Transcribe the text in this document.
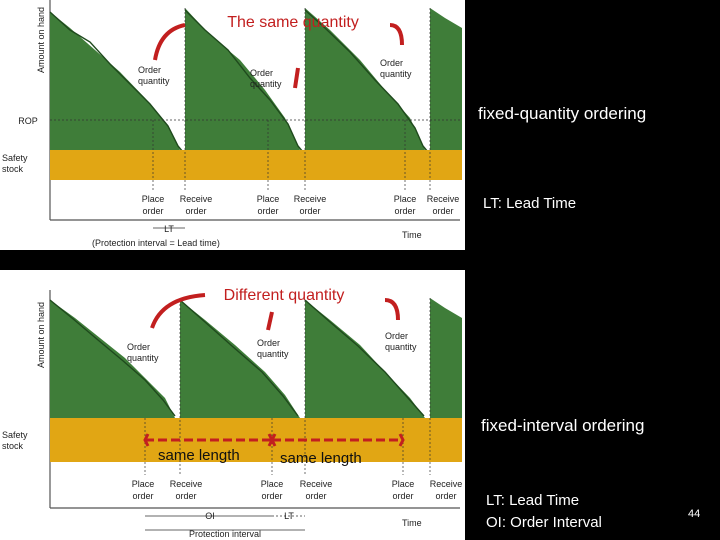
Amount on hand
ROP
Safety stock
Order quantity
Order quantity
Order quantity
Place order
Receive order
Place order
Receive order
Place order
Receive order
LT
(Protection interval = Lead time)
Time
The same quantity
same length	same length
Amount on hand
Safety stock
Order quantity
Order quantity
Order quantity
Place order
Receive order
Place order
Receive order
Place order
Receive order
OI	LT
Protection interval
Time
Different quantity
fixed-quantity ordering
LT: Lead Time
fixed-interval ordering
LT: Lead Time
OI: Order Interval	44
